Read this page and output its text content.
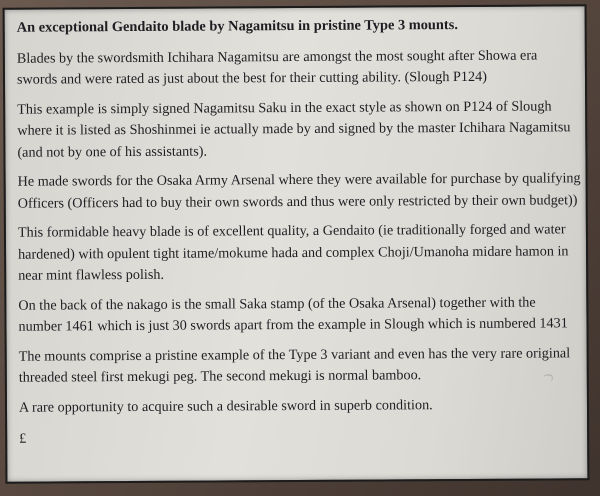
An exceptional Gendaito blade by Nagamitsu in pristine Type 3 mounts.
Blades by the swordsmith Ichihara Nagamitsu are amongst the most sought after Showa era swords and were rated as just about the best for their cutting ability. (Slough P124)
This example is simply signed Nagamitsu Saku in the exact style as shown on P124 of Slough where it is listed as Shoshinmei ie actually made by and signed by the master Ichihara Nagamitsu (and not by one of his assistants).
He made swords for the Osaka Army Arsenal where they were available for purchase by qualifying Officers (Officers had to buy their own swords and thus were only restricted by their own budget))
This formidable heavy blade is of excellent quality, a Gendaito (ie traditionally forged and water hardened) with opulent tight itame/mokume hada and complex Choji/Umanoha midare hamon in near mint flawless polish.
On the back of the nakago is the small Saka stamp (of the Osaka Arsenal) together with the number 1461 which is just 30 swords apart from the example in Slough which is numbered 1431
The mounts comprise a pristine example of the Type 3 variant and even has the very rare original threaded steel first mekugi peg. The second mekugi is normal bamboo.
A rare opportunity to acquire such a desirable sword in superb condition.
£
